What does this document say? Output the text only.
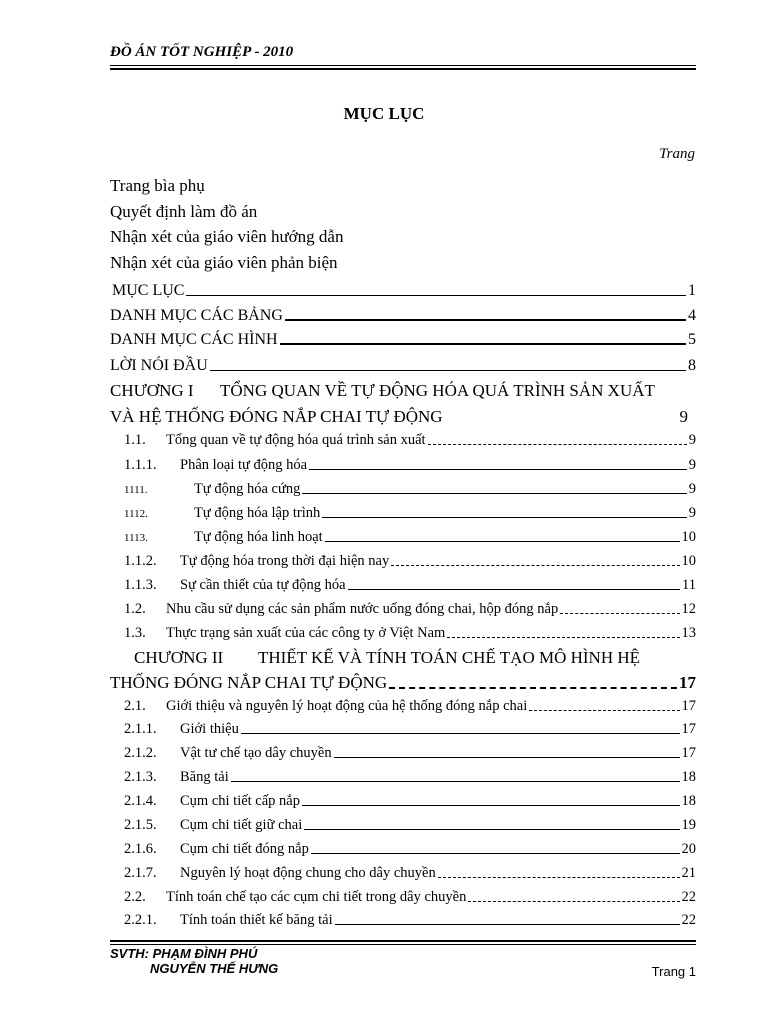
ĐỒ ÁN TỐT NGHIỆP - 2010
MỤC LỤC
Trang
Trang bìa phụ
Quyết định làm đồ án
Nhận xét của giáo viên hướng dẫn
Nhận xét của giáo viên phản biện
MỤC LỤC	1
DANH MỤC CÁC BẢNG	4
DANH MỤC CÁC HÌNH	5
LỜI NÓI ĐẦU	8
CHƯƠNG I	TỔNG QUAN VỀ TỰ ĐỘNG HÓA QUÁ TRÌNH SẢN XUẤT
VÀ HỆ THỐNG ĐÓNG NẮP CHAI TỰ ĐỘNG	9
1.1.	Tổng quan về tự động hóa quá trình sản xuất	9
1.1.1.	Phân loại tự động hóa	9
1111.	Tự động hóa cứng	9
1112.	Tự động hóa lập trình	9
1113.	Tự động hóa linh hoạt	10
1.1.2.	Tự động hóa trong thời đại hiện nay	10
1.1.3.	Sự cần thiết của tự động hóa	11
1.2.	Nhu cầu sử dụng các sản phẩm nước uống đóng chai, hộp đóng nắp	12
1.3.	Thực trạng sản xuất của các công ty ở Việt Nam	13
CHƯƠNG II	THIẾT KẾ VÀ TÍNH TOÁN CHẾ TẠO MÔ HÌNH HỆ
THỐNG ĐÓNG NẮP CHAI TỰ ĐỘNG	17
2.1.	Giới thiệu và nguyên lý hoạt động của hệ thống đóng nắp chai	17
2.1.1.	Giới thiệu	17
2.1.2.	Vật tư chế tạo dây chuyền	17
2.1.3.	Băng tải	18
2.1.4.	Cụm chi tiết cấp nắp	18
2.1.5.	Cụm chi tiết giữ chai	19
2.1.6.	Cụm chi tiết đóng nắp	20
2.1.7.	Nguyên lý hoạt động chung cho dây chuyền	21
2.2.	Tính toán chế tạo các cụm chi tiết trong dây chuyền	22
2.2.1.	Tính toán thiết kế băng tải	22
SVTH: PHẠM ĐÌNH PHÚ
NGUYỄN THẾ HƯNG	Trang 1
